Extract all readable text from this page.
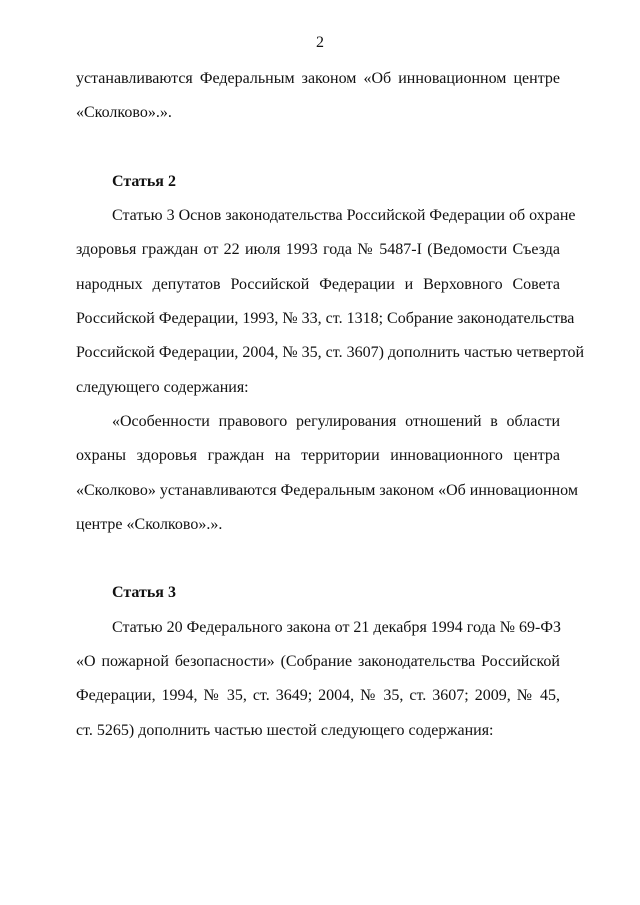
2
устанавливаются Федеральным законом «Об инновационном центре
«Сколково».».
Статья 2
Статью 3 Основ законодательства Российской Федерации об охране
здоровья граждан от 22 июля 1993 года № 5487-I (Ведомости Съезда
народных депутатов Российской Федерации и Верховного Совета
Российской Федерации, 1993, № 33, ст. 1318; Собрание законодательства
Российской Федерации, 2004, № 35, ст. 3607) дополнить частью четвертой
следующего содержания:
«Особенности правового регулирования отношений в области
охраны здоровья граждан на территории инновационного центра
«Сколково» устанавливаются Федеральным законом «Об инновационном
центре «Сколково».».
Статья 3
Статью 20 Федерального закона от 21 декабря 1994 года № 69-ФЗ
«О пожарной безопасности» (Собрание законодательства Российской
Федерации, 1994, № 35, ст. 3649; 2004, № 35, ст. 3607; 2009, № 45,
ст. 5265) дополнить частью шестой следующего содержания:
